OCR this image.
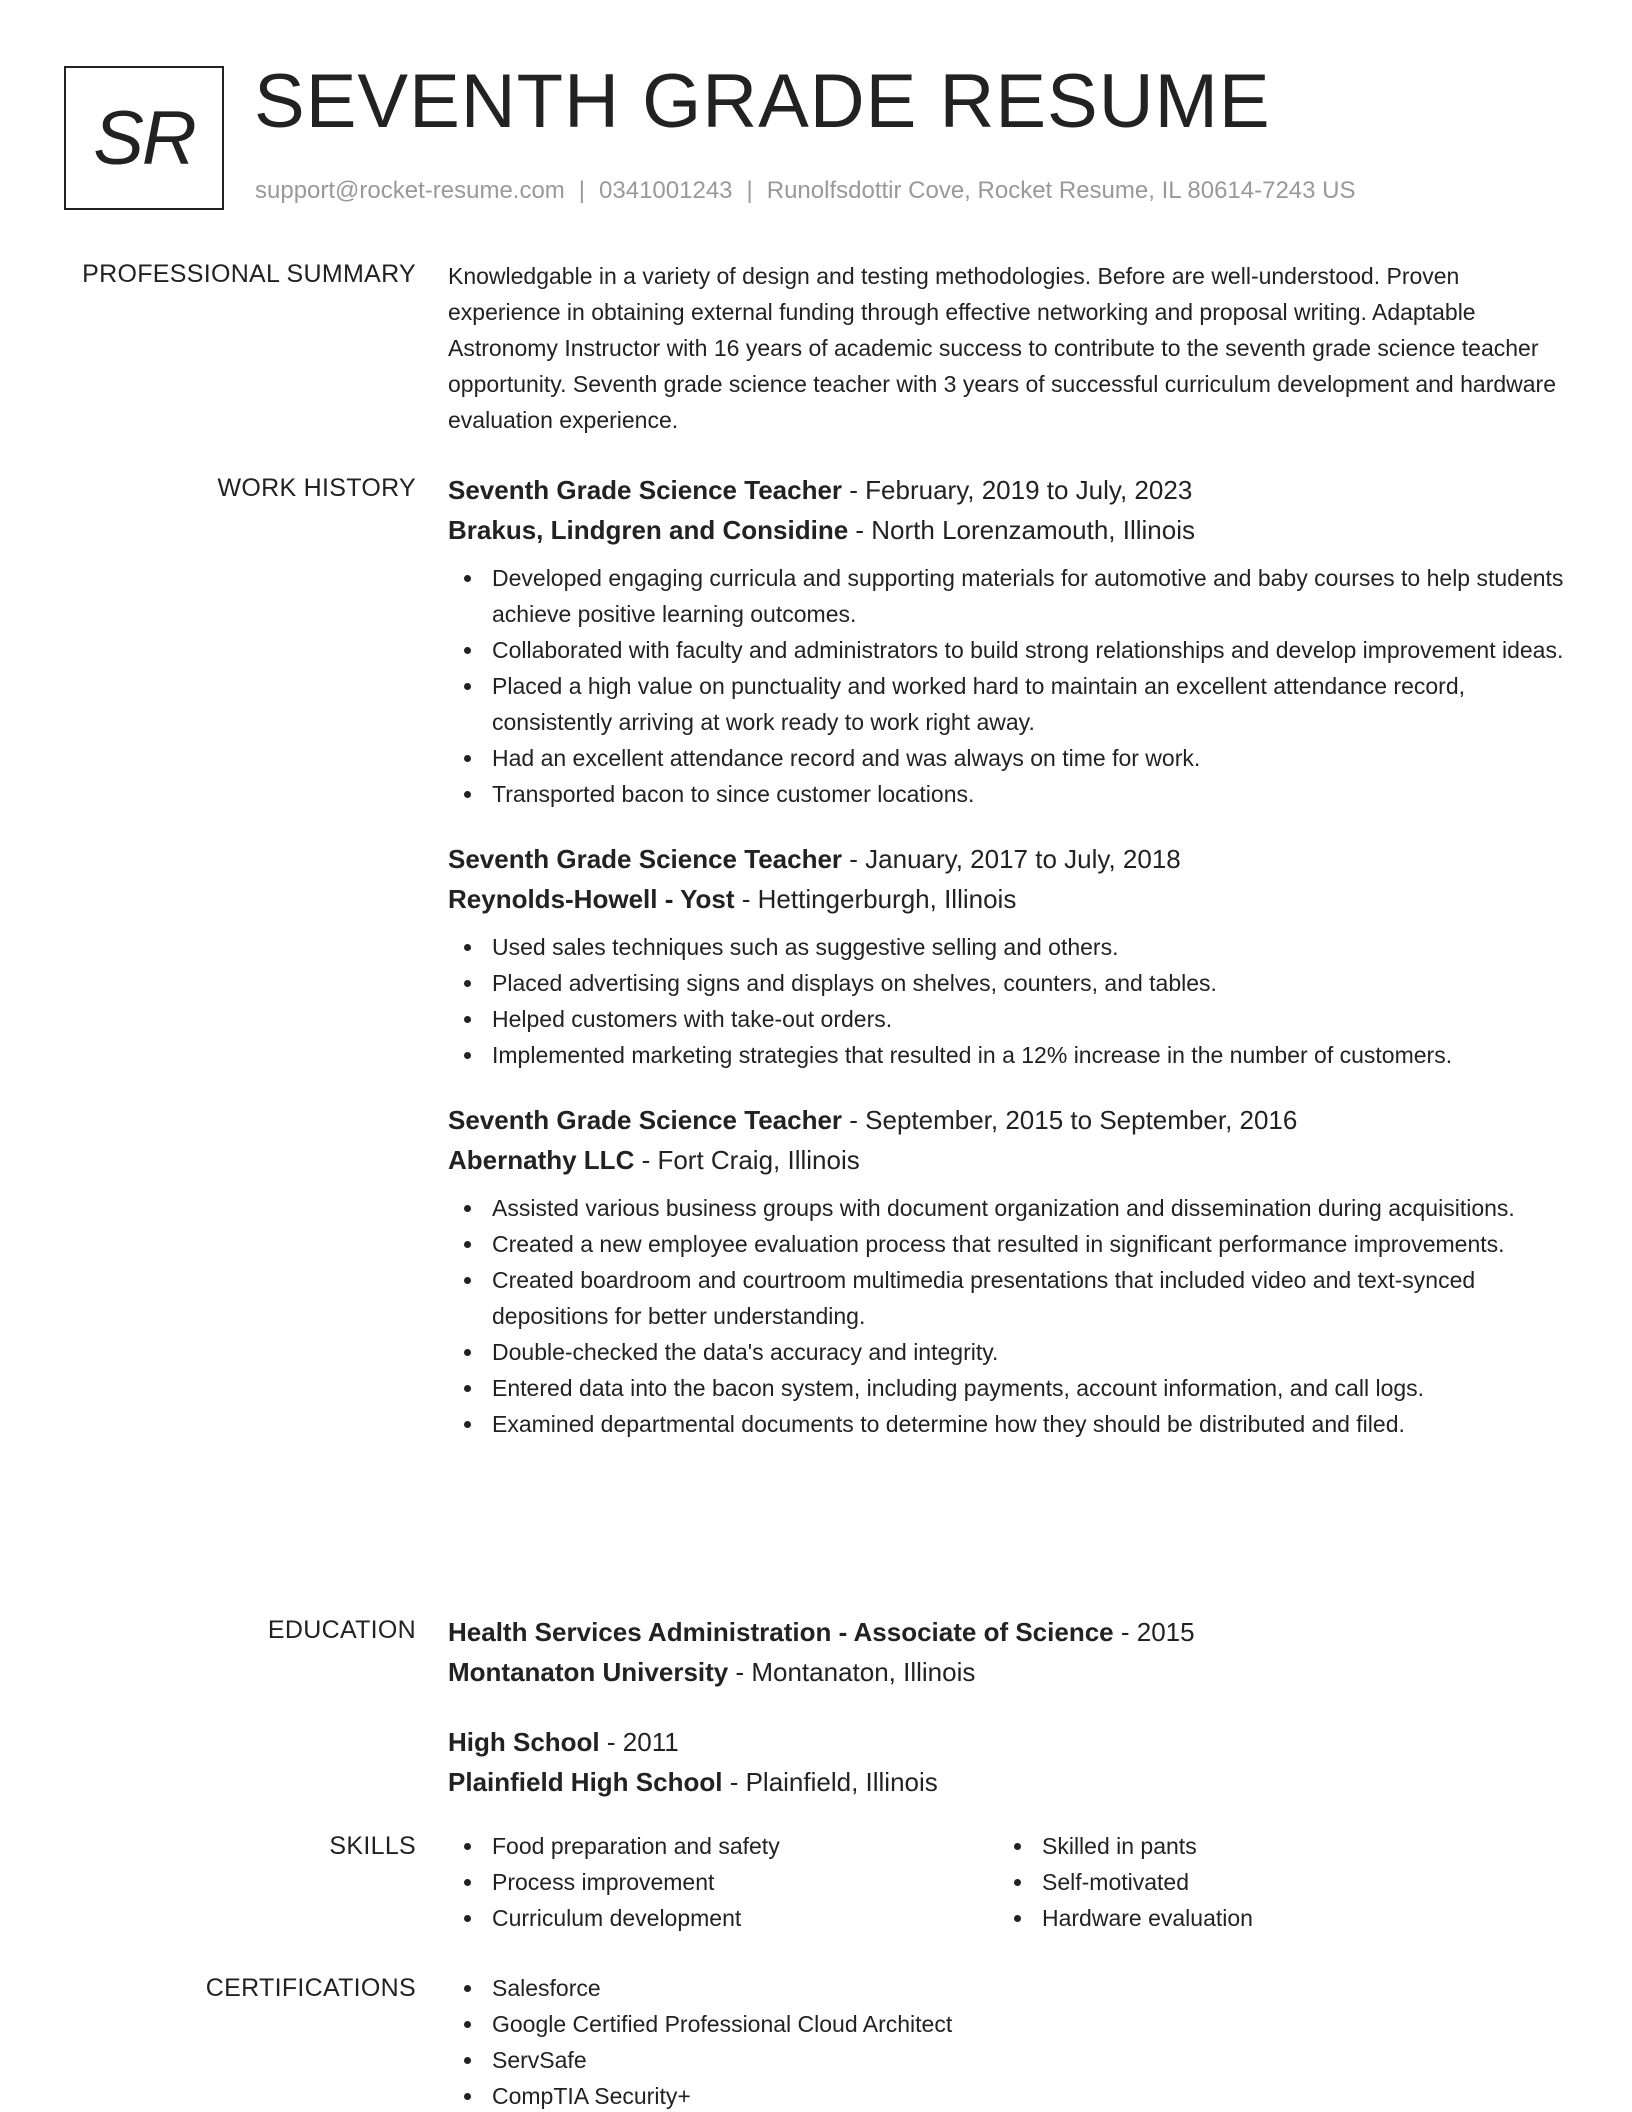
SR SEVENTH GRADE RESUME
support@rocket-resume.com | 0341001243 | Runolfsdottir Cove, Rocket Resume, IL 80614-7243 US
PROFESSIONAL SUMMARY Knowledgable in a variety of design and testing methodologies. Before are well-understood. Proven experience in obtaining external funding through effective networking and proposal writing. Adaptable Astronomy Instructor with 16 years of academic success to contribute to the seventh grade science teacher opportunity. Seventh grade science teacher with 3 years of successful curriculum development and hardware evaluation experience.

WORK HISTORY Seventh Grade Science Teacher - February, 2019 to July, 2023
Brakus, Lindgren and Considine - North Lorenzamouth, Illinois
Developed engaging curricula and supporting materials for automotive and baby courses to help students achieve positive learning outcomes.
Collaborated with faculty and administrators to build strong relationships and develop improvement ideas.
Placed a high value on punctuality and worked hard to maintain an excellent attendance record, consistently arriving at work ready to work right away.
Had an excellent attendance record and was always on time for work.
Transported bacon to since customer locations.
Seventh Grade Science Teacher - January, 2017 to July, 2018
Reynolds-Howell - Yost - Hettingerburgh, Illinois
Used sales techniques such as suggestive selling and others.
Placed advertising signs and displays on shelves, counters, and tables.
Helped customers with take-out orders.
Implemented marketing strategies that resulted in a 12% increase in the number of customers.
Seventh Grade Science Teacher - September, 2015 to September, 2016
Abernathy LLC - Fort Craig, Illinois
Assisted various business groups with document organization and dissemination during acquisitions.
Created a new employee evaluation process that resulted in significant performance improvements.
Created boardroom and courtroom multimedia presentations that included video and text-synced depositions for better understanding.
Double-checked the data's accuracy and integrity.
Entered data into the bacon system, including payments, account information, and call logs.
Examined departmental documents to determine how they should be distributed and filed.
EDUCATION Health Services Administration - Associate of Science - 2015
Montanaton University - Montanaton, Illinois
High School - 2011
Plainfield High School - Plainfield, Illinois
SKILLS	Food preparation and safety
Process improvement
Curriculum development
Skilled in pants
Self-motivated
Hardware evaluation
CERTIFICATIONS	Salesforce
Google Certified Professional Cloud Architect
ServSafe
CompTIA Security+
